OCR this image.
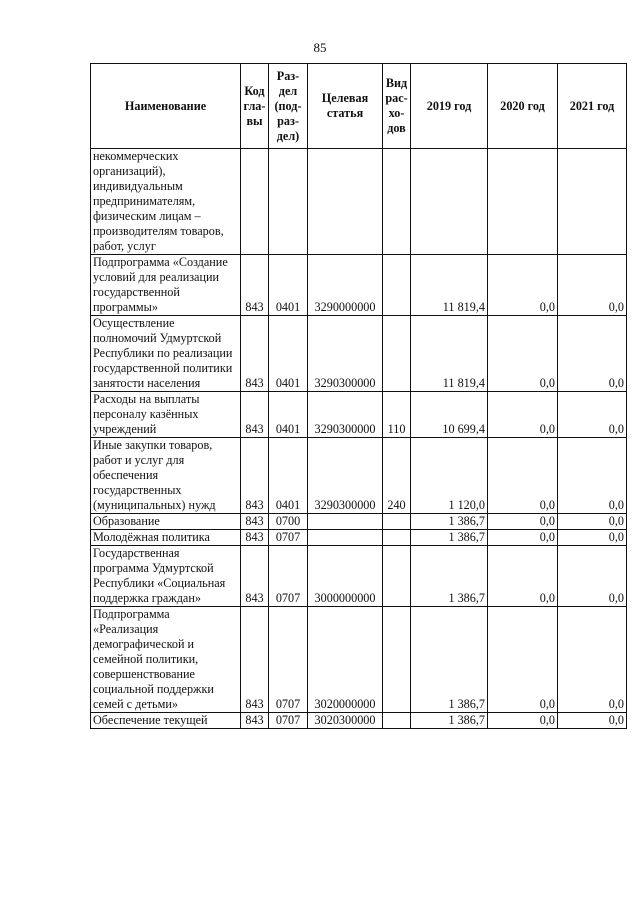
85
Наименование	Код гла-вы	Раз-дел (под-раз-дел)	Целевая статья	Вид рас-хо-дов	2019 год	2020 год	2021 год
некоммерческих организаций), индивидуальным предпринимателям, физическим лицам – производителям товаров, работ, услуг							
Подпрограмма «Создание условий для реализации государственной программы»	843	0401	3290000000		11 819,4	0,0	0,0
Осуществление полномочий Удмуртской Республики по реализации государственной политики занятости населения	843	0401	3290300000		11 819,4	0,0	0,0
Расходы на выплаты персоналу казённых учреждений	843	0401	3290300000	110	10 699,4	0,0	0,0
Иные закупки товаров, работ и услуг для обеспечения государственных (муниципальных) нужд	843	0401	3290300000	240	1 120,0	0,0	0,0
Образование	843	0700			1 386,7	0,0	0,0
Молодёжная политика	843	0707			1 386,7	0,0	0,0
Государственная программа Удмуртской Республики «Социальная поддержка граждан»	843	0707	3000000000		1 386,7	0,0	0,0
Подпрограмма «Реализация демографической и семейной политики, совершенствование социальной поддержки семей с детьми»	843	0707	3020000000		1 386,7	0,0	0,0
Обеспечение текущей	843	0707	3020300000		1 386,7	0,0	0,0
